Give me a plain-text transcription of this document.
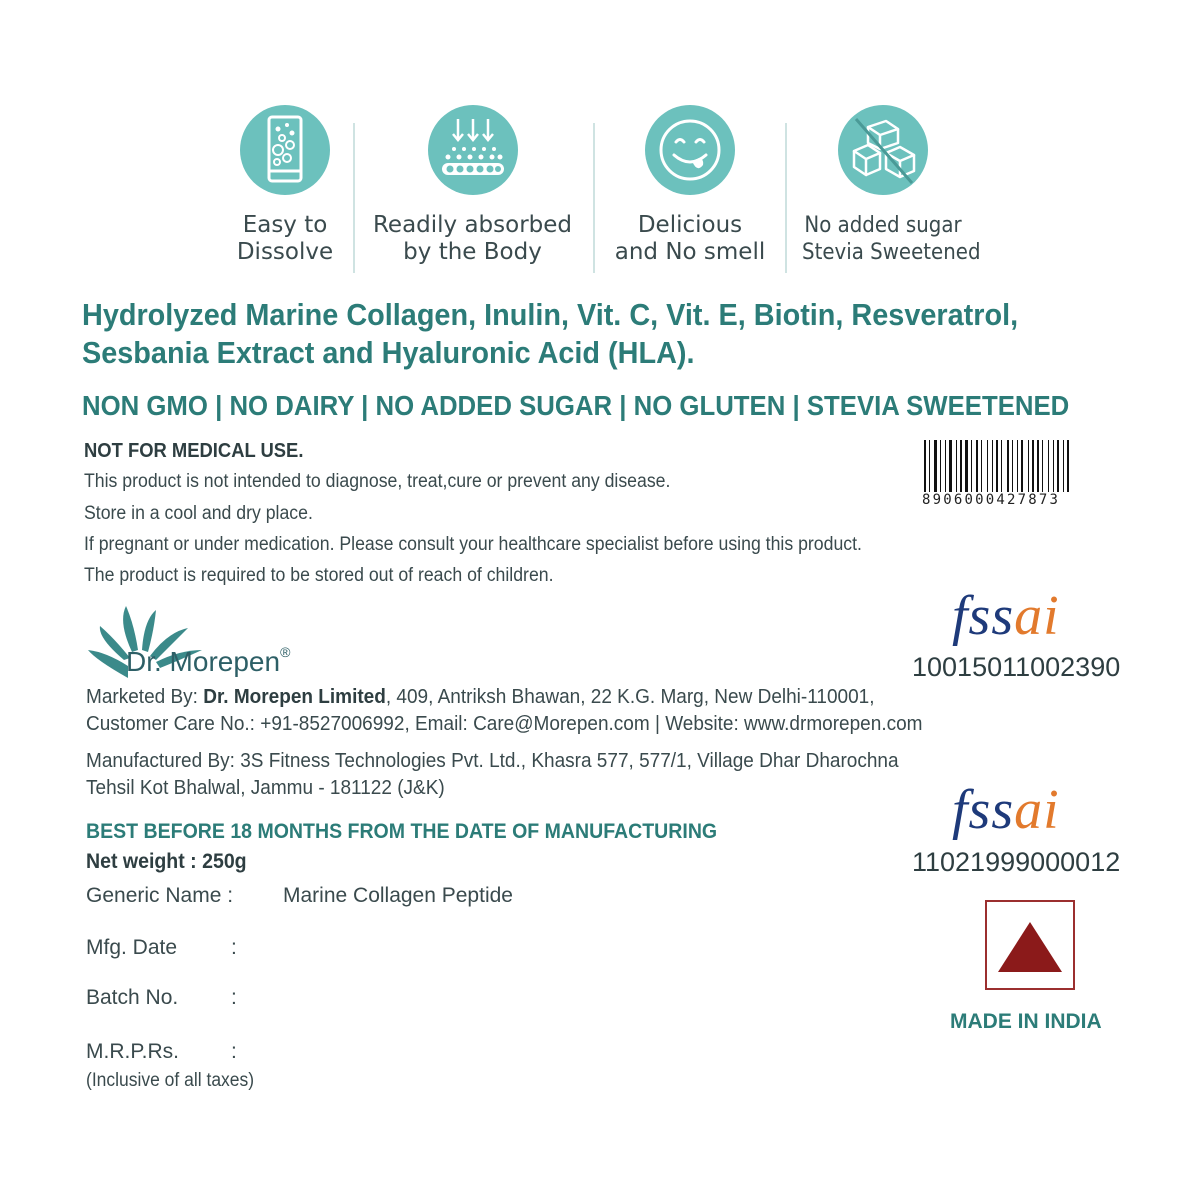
Easy to
Dissolve
Readily absorbed
by the Body
Delicious
and No smell
No added sugar
Stevia Sweetened
Hydrolyzed Marine Collagen, Inulin, Vit. C, Vit. E, Biotin, Resveratrol,
Sesbania Extract and Hyaluronic Acid (HLA).
NON GMO | NO DAIRY | NO ADDED SUGAR | NO GLUTEN | STEVIA SWEETENED
NOT FOR MEDICAL USE.
This product is not intended to diagnose, treat,cure or prevent any disease.
Store in a cool and dry place.
If pregnant or under medication. Please consult your healthcare specialist before using this product.
The product is required to be stored out of reach of children.
8906000427873
Dr. Morepen®
fssai
10015011002390
Marketed By: Dr. Morepen Limited, 409, Antriksh Bhawan, 22 K.G. Marg, New Delhi-110001,
Customer Care No.: +91-8527006992, Email: Care@Morepen.com | Website: www.drmorepen.com
Manufactured By: 3S Fitness Technologies Pvt. Ltd., Khasra 577, 577/1, Village Dhar Dharochna
Tehsil Kot Bhalwal, Jammu - 181122 (J&K)	fssai
11021999000012
BEST BEFORE 18 MONTHS FROM THE DATE OF MANUFACTURING
Net weight : 250g
Generic Name : Marine Collagen Peptide
Mfg. Date	:
Batch No.	:
M.R.P.Rs. :
(Inclusive of all taxes)
MADE IN INDIA
